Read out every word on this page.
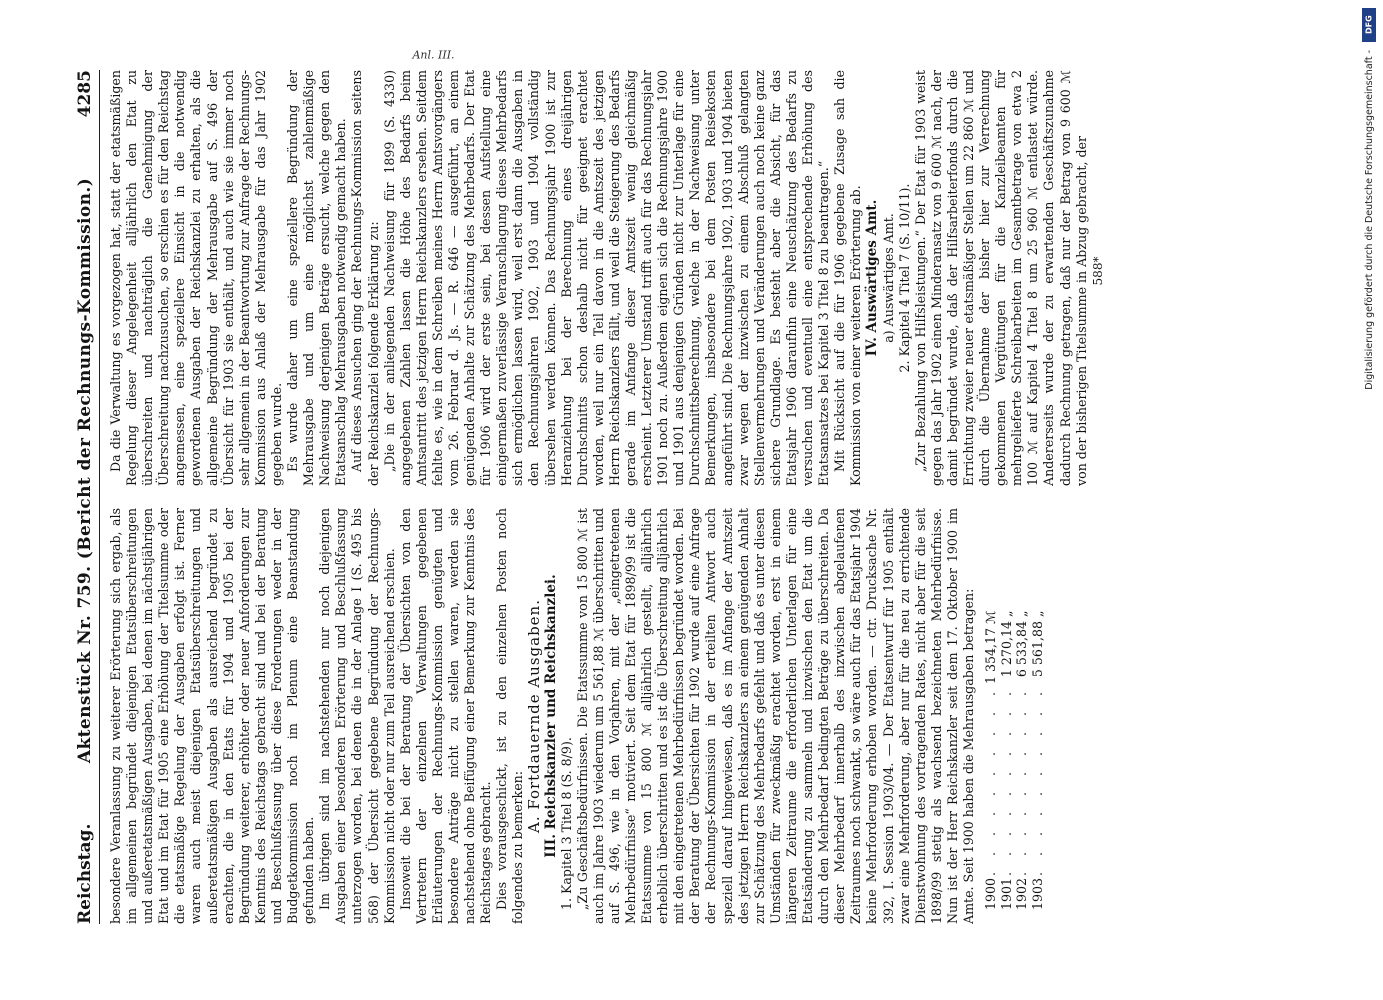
Reichstag.
Aktenstück Nr. 759. (Bericht der Rechnungs-Kommission.)
4285

besondere Veranlassung zu weiterer Erörterung sich ergab, als im allgemeinen begründet diejenigen Etatsüberschreitungen und außeretatsmäßigen Ausgaben, bei denen im nächstjährigen Etat und im Etat für 1905 eine Erhöhung der Titelsumme oder die etatsmäßige Regelung der Ausgaben erfolgt ist. Ferner waren auch meist diejenigen Etatsüberschreitungen und außeretatsmäßigen Ausgaben als ausreichend begründet zu erachten, die in den Etats für 1904 und 1905 bei der Begründung weiterer, erhöhter oder neuer Anforderungen zur Kenntnis des Reichstags gebracht sind und bei der Beratung und Beschlußfassung über diese Forderungen weder in der Budgetkommission noch im Plenum eine Beanstandung gefunden haben. Im übrigen sind im nachstehenden nur noch diejenigen Ausgaben einer besonderen Erörterung und Beschlußfassung unterzogen worden, bei denen die in der Anlage I (S. 495 bis 568) der Übersicht gegebene Begründung der Rechnungs-Kommission nicht oder nur zum Teil ausreichend erschien. Insoweit die bei der Beratung der Übersichten von den Vertretern der einzelnen Verwaltungen gegebenen Erläuterungen der Rechnungs-Kommission genügten und besondere Anträge nicht zu stellen waren, werden sie nachstehend ohne Beifügung einer Bemerkung zur Kenntnis des Reichstages gebracht. Dies vorausgeschickt, ist zu den einzelnen Posten noch folgendes zu bemerken:

A. Fortdauernde Ausgaben. III. Reichskanzler und Reichskanzlei. 1. Kapitel 3 Titel 8 (S. 8/9). „Zu Geschäftsbedürfnissen. Die Etatssumme von 15 800 ℳ ist auch im Jahre 1903 wiederum um 5 561,88 ℳ überschritten und auf S. 496, wie in den Vorjahren, mit der „eingetretenen Mehrbedürfnisse“ motiviert. Seit dem Etat für 1898/99 ist die Etatssumme von 15 800 ℳ alljährlich gestellt, alljährlich erheblich überschritten und es ist die Überschreitung alljährlich mit den eingetretenen Mehrbedürfnissen begründet worden. Bei der Beratung der Übersichten für 1902 wurde auf eine Anfrage der Rechnungs-Kommission in der erteilten Antwort auch speziell darauf hingewiesen, daß es im Anfange der Amtszeit des jetzigen Herrn Reichskanzlers an einem genügenden Anhalt zur Schätzung des Mehrbedarfs gefehlt und daß es unter diesen Umständen für zweckmäßig erachtet worden, erst in einem längeren Zeitraume die erforderlichen Unterlagen für eine Etatsänderung zu sammeln und inzwischen den Etat um die durch den Mehrbedarf bedingten Beträge zu überschreiten. Da dieser Mehrbedarf innerhalb des inzwischen abgelaufenen Zeitraumes noch schwankt, so wäre auch für das Etatsjahr 1904 keine Mehrforderung erhoben worden. — ctr. Drucksache Nr. 392, I. Session 1903/04. — Der Etatsentwurf für 1905 enthält zwar eine Mehrforderung, aber nur für die neu zu errichtende Dienstwohnung des vortragenden Rates, nicht aber für die seit 1898/99 stetig als wachsend bezeichneten Mehrbedürfnisse. Nun ist der Herr Reichskanzler seit dem 17. Oktober 1900 im Amte. Seit 1900 haben die Mehrausgaben betragen: 1900	. . . . . . . . . .	1 354,17 ℳ
1901	. . . . . . . . . .	1 270,14 „
1902	. . . . . . . . . .	6 533,84 „
1903	. . . . . . . . . .	5 561,88 „

Da die Verwaltung es vorgezogen hat, statt der etatsmäßigen Regelung dieser Angelegenheit alljährlich den Etat zu überschreiten und nachträglich die Genehmigung der Überschreitung nachzusuchen, so erschien es für den Reichstag angemessen, eine speziellere Einsicht in die notwendig gewordenen Ausgaben der Reichskanzlei zu erhalten, als die allgemeine Begründung der Mehrausgabe auf S. 496 der Übersicht für 1903 sie enthält, und auch wie sie immer noch sehr allgemein in der Beantwortung zur Anfrage der Rechnungs-Kommission aus Anlaß der Mehrausgabe für das Jahr 1902 gegeben wurde. Es wurde daher um eine speziellere Begründung der Mehrausgabe und um eine möglichst zahlenmäßige Nachweisung derjenigen Beträge ersucht, welche gegen den Etatsanschlag Mehrausgaben notwendig gemacht haben. Auf dieses Ansuchen ging der Rechnungs-Kommission seitens der Reichskanzlei folgende Erklärung zu: „Die in der anliegenden Nachweisung für 1899 (S. 4330) angegebenen Zahlen lassen die Höhe des Bedarfs beim Amtsantritt des jetzigen Herrn Reichskanzlers ersehen. Seitdem fehlte es, wie in dem Schreiben meines Herrn Amtsvorgängers vom 26. Februar d. Js. — R. 646 — ausgeführt, an einem genügenden Anhalte zur Schätzung des Mehrbedarfs. Der Etat für 1906 wird der erste sein, bei dessen Aufstellung eine einigermaßen zuverlässige Veranschlagung dieses Mehrbedarfs sich ermöglichen lassen wird, weil erst dann die Ausgaben in den Rechnungsjahren 1902, 1903 und 1904 vollständig übersehen werden können. Das Rechnungsjahr 1900 ist zur Heranziehung bei der Berechnung eines dreijährigen Durchschnitts schon deshalb nicht für geeignet erachtet worden, weil nur ein Teil davon in die Amtszeit des jetzigen Herrn Reichskanzlers fällt, und weil die Steigerung des Bedarfs gerade im Anfange dieser Amtszeit wenig gleichmäßig erscheint. Letzterer Umstand trifft auch für das Rechnungsjahr 1901 noch zu. Außerdem eignen sich die Rechnungsjahre 1900 und 1901 aus denjenigen Gründen nicht zur Unterlage für eine Durchschnittsberechnung, welche in der Nachweisung unter Bemerkungen, insbesondere bei dem Posten Reisekosten angeführt sind. Die Rechnungsjahre 1902, 1903 und 1904 bieten zwar wegen der inzwischen zu einem Abschluß gelangten Stellenvermehrungen und Veränderungen auch noch keine ganz sichere Grundlage. Es besteht aber die Absicht, für das Etatsjahr 1906 daraufhin eine Neuschätzung des Bedarfs zu versuchen und eventuell eine entsprechende Erhöhung des Etatsansatzes bei Kapitel 3 Titel 8 zu beantragen.“ Mit Rücksicht auf die für 1906 gegebene Zusage sah die Kommission von einer weiteren Erörterung ab. IV. Auswärtiges Amt. a) Auswärtiges Amt. 2. Kapitel 4 Titel 7 (S. 10/11). „Zur Bezahlung von Hilfsleistungen.“ Der Etat für 1903 weist gegen das Jahr 1902 einen Minderansatz von 9 600 ℳ nach, der damit begründet wurde, daß der Hilfsarbeiterfonds durch die Errichtung zweier neuer etatsmäßiger Stellen um 22 860 ℳ und durch die Übernahme der bisher hier zur Verrechnung gekommenen Vergütungen für die Kanzleibeamten für mehrgelieferte Schreibarbeiten im Gesamtbetrage von etwa 2 100 ℳ auf Kapitel 4 Titel 8 um 25 960 ℳ entlastet würde. Andererseits wurde der zu erwartenden Geschäftszunahme dadurch Rechnung getragen, daß nur der Betrag von 9 600 ℳ von der bisherigen Titelsumme in Abzug gebracht, der 588*

Anl. III.
DFG
Digitalisierung gefördert durch die Deutsche Forschungsgemeinschaft -
